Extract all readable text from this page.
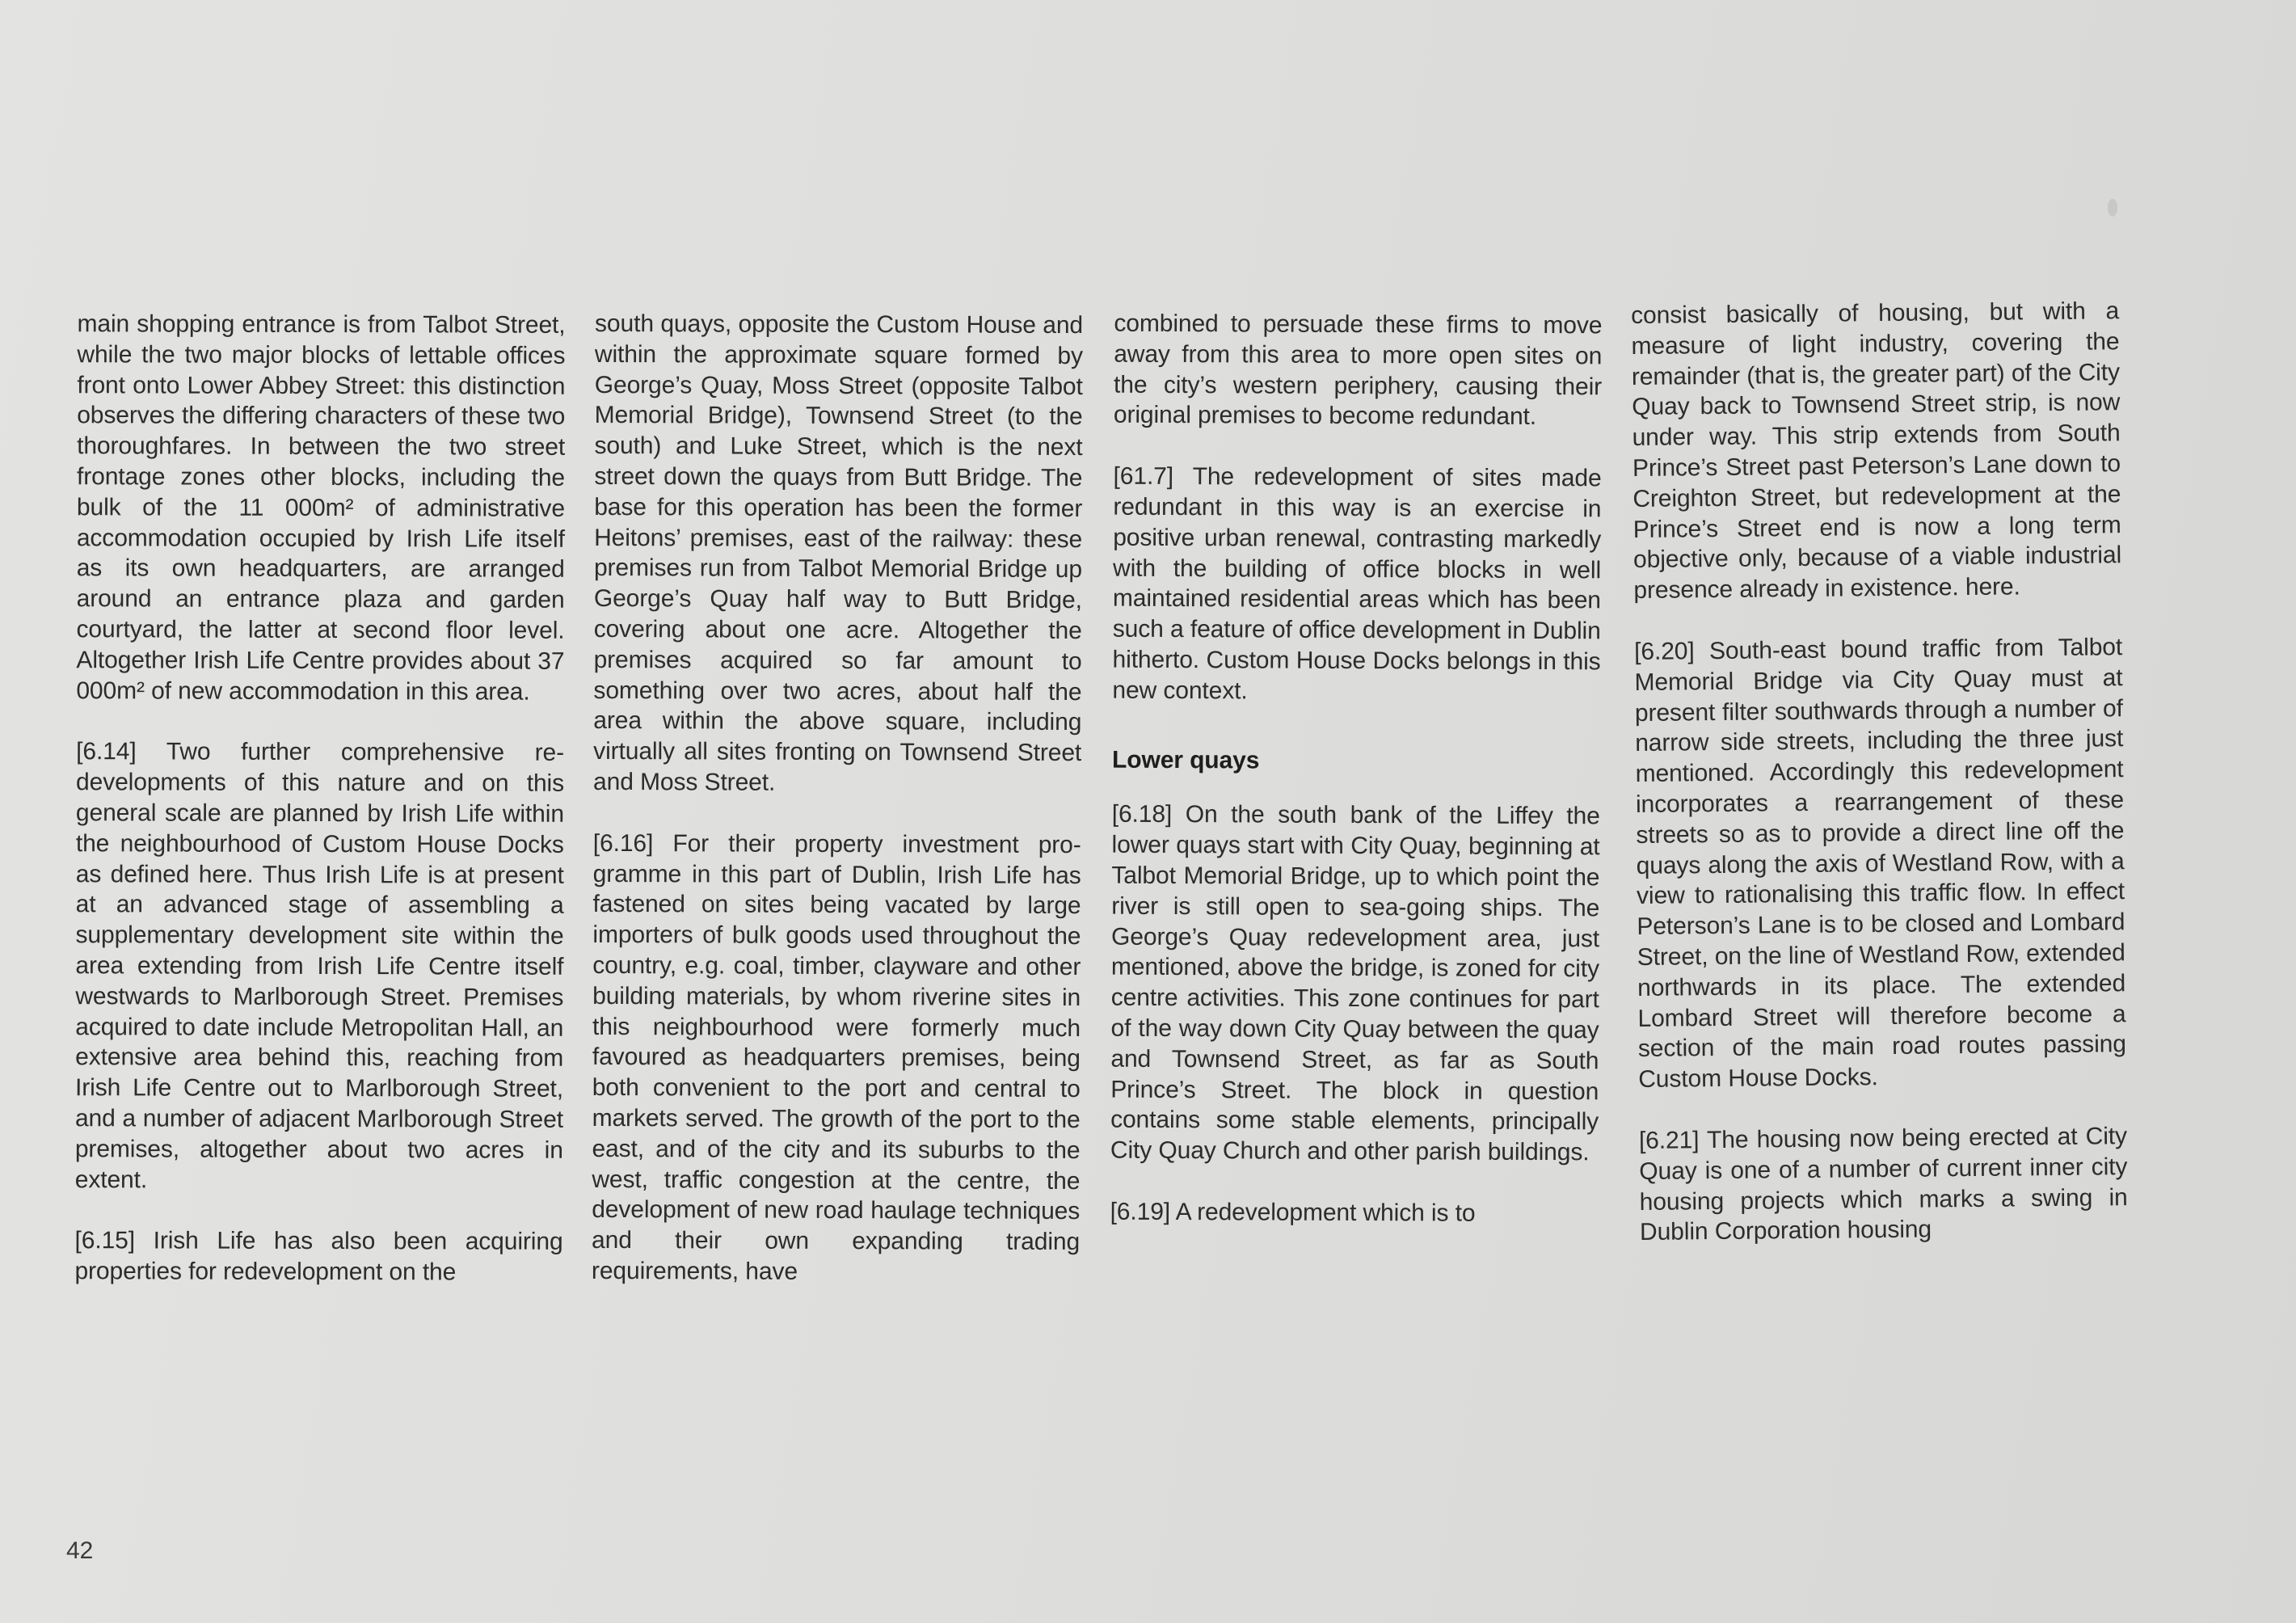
main shopping entrance is from Talbot Street, while the two major blocks of lettable offices front onto Lower Abbey Street: this distinction observes the differing characters of these two thoroughfares. In between the two street frontage zones other blocks, including the bulk of the 11 000m² of administrative accommodation occupied by Irish Life itself as its own headquarters, are arranged around an entrance plaza and garden courtyard, the latter at second floor level. Altogether Irish Life Centre provides about 37 000m² of new accommodation in this area.

[6.14] Two further comprehensive redevelopments of this nature and on this general scale are planned by Irish Life within the neighbourhood of Custom House Docks as defined here. Thus Irish Life is at present at an advanced stage of assembling a supplementary development site within the area extending from Irish Life Centre itself westwards to Marlborough Street. Premises acquired to date include Metropolitan Hall, an extensive area behind this, reaching from Irish Life Centre out to Marlborough Street, and a number of adjacent Marlborough Street premises, altogether about two acres in extent.

[6.15] Irish Life has also been acquiring properties for redevelopment on the

south quays, opposite the Custom House and within the approximate square formed by George’s Quay, Moss Street (opposite Talbot Memorial Bridge), Townsend Street (to the south) and Luke Street, which is the next street down the quays from Butt Bridge. The base for this operation has been the former Heitons’ premises, east of the railway: these premises run from Talbot Memorial Bridge up George’s Quay half way to Butt Bridge, covering about one acre. Altogether the premises acquired so far amount to something over two acres, about half the area within the above square, including virtually all sites fronting on Townsend Street and Moss Street.

[6.16] For their property investment programme in this part of Dublin, Irish Life has fastened on sites being vacated by large importers of bulk goods used throughout the country, e.g. coal, timber, clayware and other building materials, by whom riverine sites in this neighbourhood were formerly much favoured as headquarters premises, being both convenient to the port and central to markets served. The growth of the port to the east, and of the city and its suburbs to the west, traffic congestion at the centre, the development of new road haulage techniques and their own expanding trading requirements, have

combined to persuade these firms to move away from this area to more open sites on the city’s western periphery, causing their original premises to become redundant.

[61.7] The redevelopment of sites made redundant in this way is an exercise in positive urban renewal, contrasting markedly with the building of office blocks in well maintained residential areas which has been such a feature of office development in Dublin hitherto. Custom House Docks belongs in this new context.

Lower quays

[6.18] On the south bank of the Liffey the lower quays start with City Quay, beginning at Talbot Memorial Bridge, up to which point the river is still open to sea-going ships. The George’s Quay redevelopment area, just mentioned, above the bridge, is zoned for city centre activities. This zone continues for part of the way down City Quay between the quay and Townsend Street, as far as South Prince’s Street. The block in question contains some stable elements, principally City Quay Church and other parish buildings.

[6.19] A redevelopment which is to

consist basically of housing, but with a measure of light industry, covering the remainder (that is, the greater part) of the City Quay back to Townsend Street strip, is now under way. This strip extends from South Prince’s Street past Peterson’s Lane down to Creighton Street, but redevelopment at the Prince’s Street end is now a long term objective only, because of a viable industrial presence already in existence. here.

[6.20] South-east bound traffic from Talbot Memorial Bridge via City Quay must at present filter southwards through a number of narrow side streets, including the three just mentioned. Accordingly this redevelopment incorporates a rearrangement of these streets so as to provide a direct line off the quays along the axis of Westland Row, with a view to rationalising this traffic flow. In effect Peterson’s Lane is to be closed and Lombard Street, on the line of Westland Row, extended northwards in its place. The extended Lombard Street will therefore become a section of the main road routes passing Custom House Docks.

[6.21] The housing now being erected at City Quay is one of a number of current inner city housing projects which marks a swing in Dublin Corporation housing

42
